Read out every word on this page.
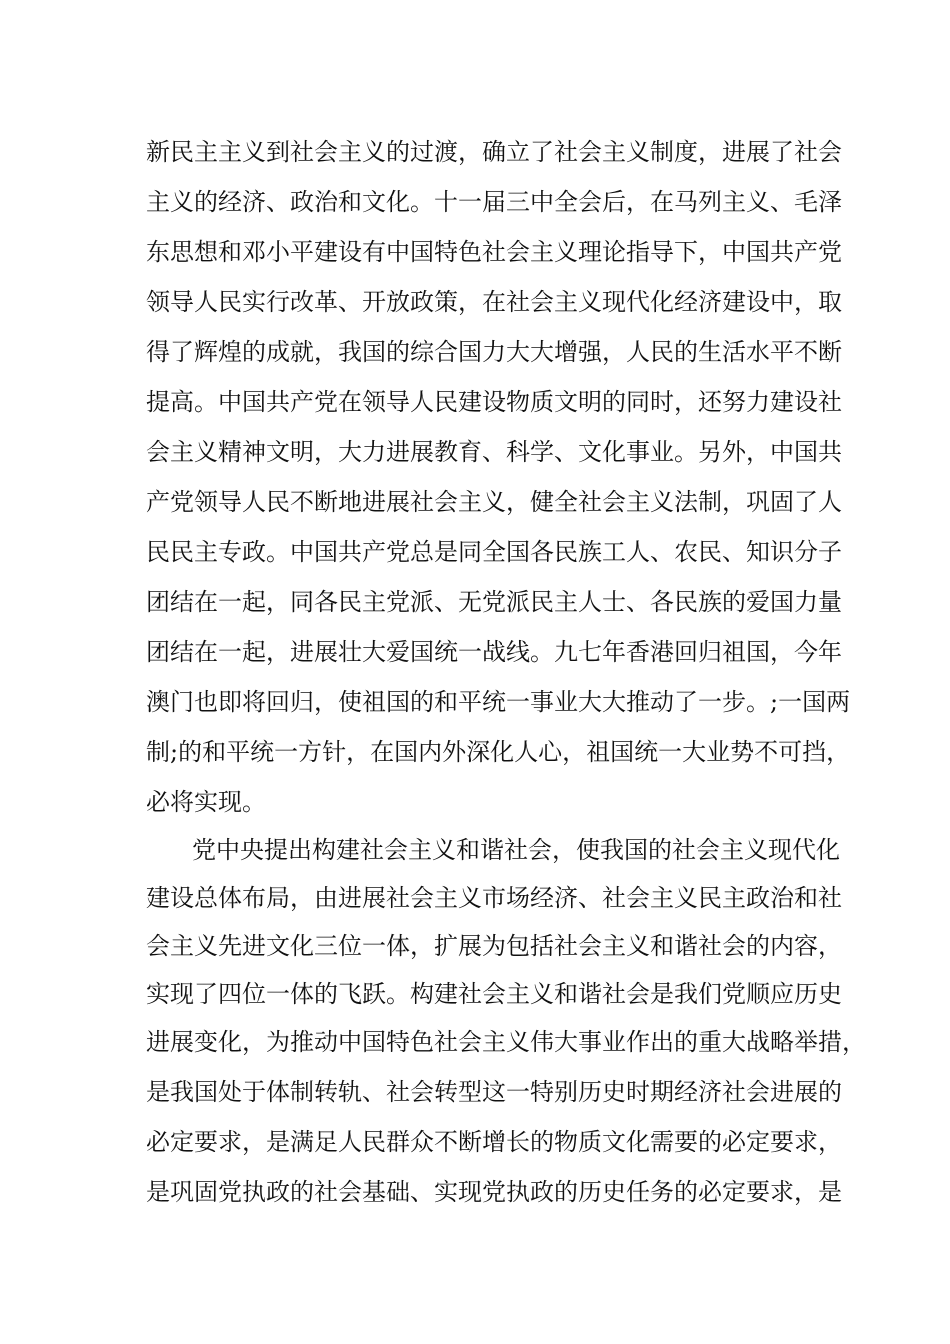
新民主主义到社会主义的过渡，确立了社会主义制度，进展了社会
主义的经济、政治和文化。十一届三中全会后，在马列主义、毛泽
东思想和邓小平建设有中国特色社会主义理论指导下，中国共产党
领导人民实行改革、开放政策，在社会主义现代化经济建设中，取
得了辉煌的成就，我国的综合国力大大增强，人民的生活水平不断
提高。中国共产党在领导人民建设物质文明的同时，还努力建设社
会主义精神文明，大力进展教育、科学、文化事业。另外，中国共
产党领导人民不断地进展社会主义，健全社会主义法制，巩固了人
民民主专政。中国共产党总是同全国各民族工人、农民、知识分子
团结在一起，同各民主党派、无党派民主人士、各民族的爱国力量
团结在一起，进展壮大爱国统一战线。九七年香港回归祖国，今年
澳门也即将回归，使祖国的和平统一事业大大推动了一步。;一国两
制;的和平统一方针，在国内外深化人心，祖国统一大业势不可挡，
必将实现。
党中央提出构建社会主义和谐社会，使我国的社会主义现代化
建设总体布局，由进展社会主义市场经济、社会主义民主政治和社
会主义先进文化三位一体，扩展为包括社会主义和谐社会的内容，
实现了四位一体的飞跃。构建社会主义和谐社会是我们党顺应历史
进展变化，为推动中国特色社会主义伟大事业作出的重大战略举措，
是我国处于体制转轨、社会转型这一特别历史时期经济社会进展的
必定要求，是满足人民群众不断增长的物质文化需要的必定要求，
是巩固党执政的社会基础、实现党执政的历史任务的必定要求，是
